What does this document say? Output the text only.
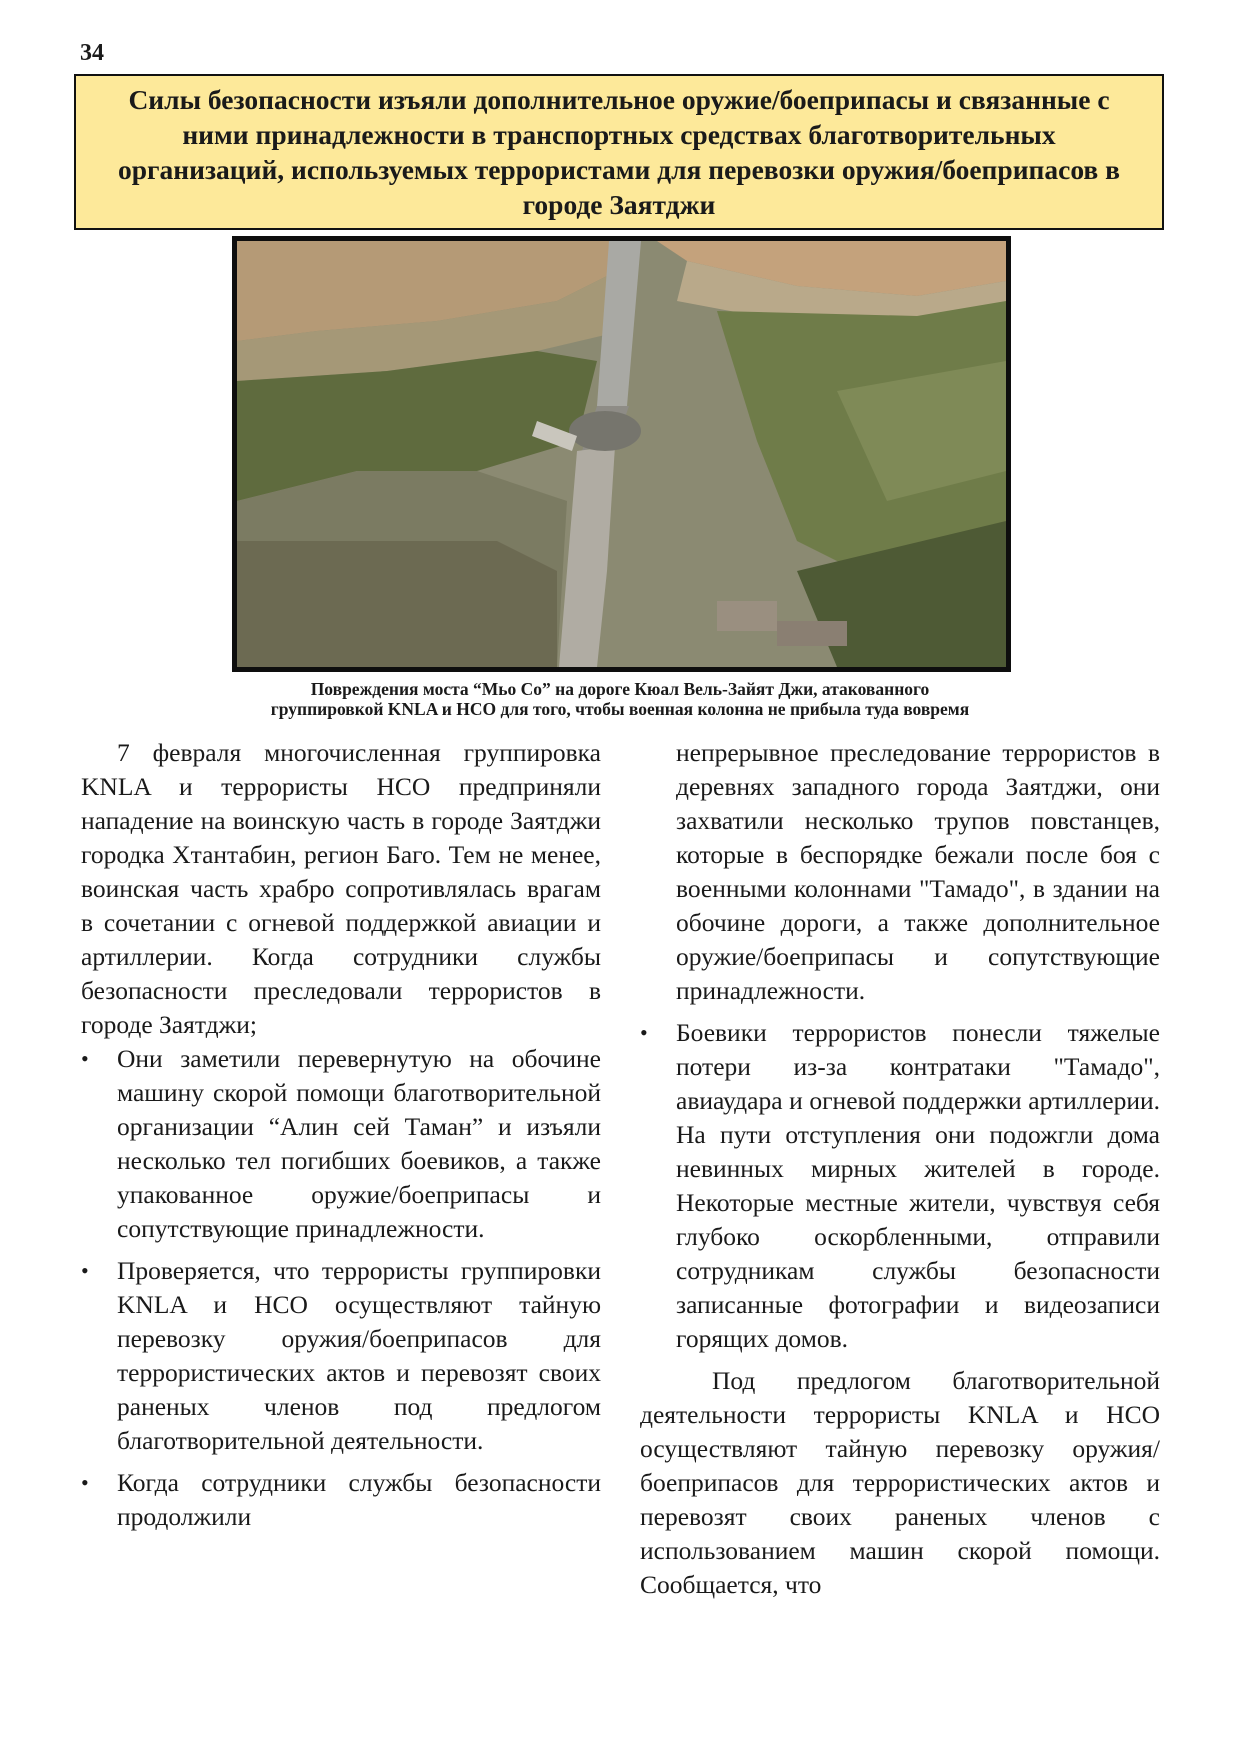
34
Силы безопасности изъяли дополнительное оружие/боеприпасы и связанные с ними принадлежности в транспортных средствах благотворительных организаций, используемых террористами для перевозки оружия/боеприпасов в городе Заятджи
Повреждения моста “Мьо Со” на дороге Кюал Вель-Зайят Джи, атакованного
группировкой KNLA и НСО для того, чтобы военная колонна не прибыла туда вовремя
7 февраля многочисленная группировка KNLA и террористы НСО предприняли нападение на воинскую часть в городе Заятджи городка Хтантабин, регион Баго. Тем не менее, воинская часть храбро сопротивлялась врагам в сочетании с огневой поддержкой авиации и артиллерии. Когда сотрудники службы безопасности преследовали террористов в городе Заятджи;
• Они заметили перевернутую на обочине машину скорой помощи благотворительной организации “Алин сей Таман” и изъяли несколько тел погибших боевиков, а также упакованное оружие/боеприпасы и сопутствующие принадлежности.
• Проверяется, что террористы группировки KNLA и НСО осуществляют тайную перевозку оружия/боеприпасов для террористических актов и перевозят своих раненых членов под предлогом благотворительной деятельности.
• Когда сотрудники службы безопасности продолжили
непрерывное преследование террористов в деревнях западного города Заятджи, они захватили несколько трупов повстанцев, которые в беспорядке бежали после боя с военными колоннами "Тамадо", в здании на обочине дороги, а также дополнительное оружие/боеприпасы и сопутствующие принадлежности.
• Боевики террористов понесли тяжелые потери из-за контратаки "Тамадо", авиаудара и огневой поддержки артиллерии. На пути отступления они подожгли дома невинных мирных жителей в городе. Некоторые местные жители, чувствуя себя глубоко оскорбленными, отправили сотрудникам службы безопасности записанные фотографии и видеозаписи горящих домов.
Под предлогом благотворительной деятельности террористы KNLA и НСО осуществляют тайную перевозку оружия/боеприпасов для террористических актов и перевозят своих раненых членов с использованием машин скорой помощи. Сообщается, что
